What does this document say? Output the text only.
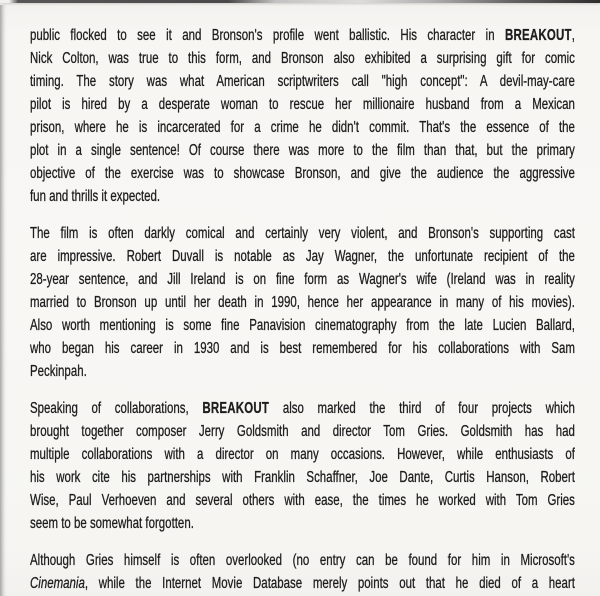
public flocked to see it and Bronson's profile went ballistic. His character in BREAKOUT,
Nick Colton, was true to this form, and Bronson also exhibited a surprising gift for comic
timing. The story was what American scriptwriters call "high concept": A devil-may-care
pilot is hired by a desperate woman to rescue her millionaire husband from a Mexican
prison, where he is incarcerated for a crime he didn't commit. That's the essence of the
plot in a single sentence! Of course there was more to the film than that, but the primary
objective of the exercise was to showcase Bronson, and give the audience the aggressive
fun and thrills it expected.
The film is often darkly comical and certainly very violent, and Bronson's supporting cast
are impressive. Robert Duvall is notable as Jay Wagner, the unfortunate recipient of the
28-year sentence, and Jill Ireland is on fine form as Wagner's wife (Ireland was in reality
married to Bronson up until her death in 1990, hence her appearance in many of his movies).
Also worth mentioning is some fine Panavision cinematography from the late Lucien Ballard,
who began his career in 1930 and is best remembered for his collaborations with Sam
Peckinpah.
Speaking of collaborations, BREAKOUT also marked the third of four projects which
brought together composer Jerry Goldsmith and director Tom Gries. Goldsmith has had
multiple collaborations with a director on many occasions. However, while enthusiasts of
his work cite his partnerships with Franklin Schaffner, Joe Dante, Curtis Hanson, Robert
Wise, Paul Verhoeven and several others with ease, the times he worked with Tom Gries
seem to be somewhat forgotten.
Although Gries himself is often overlooked (no entry can be found for him in Microsoft's
Cinemania, while the Internet Movie Database merely points out that he died of a heart
